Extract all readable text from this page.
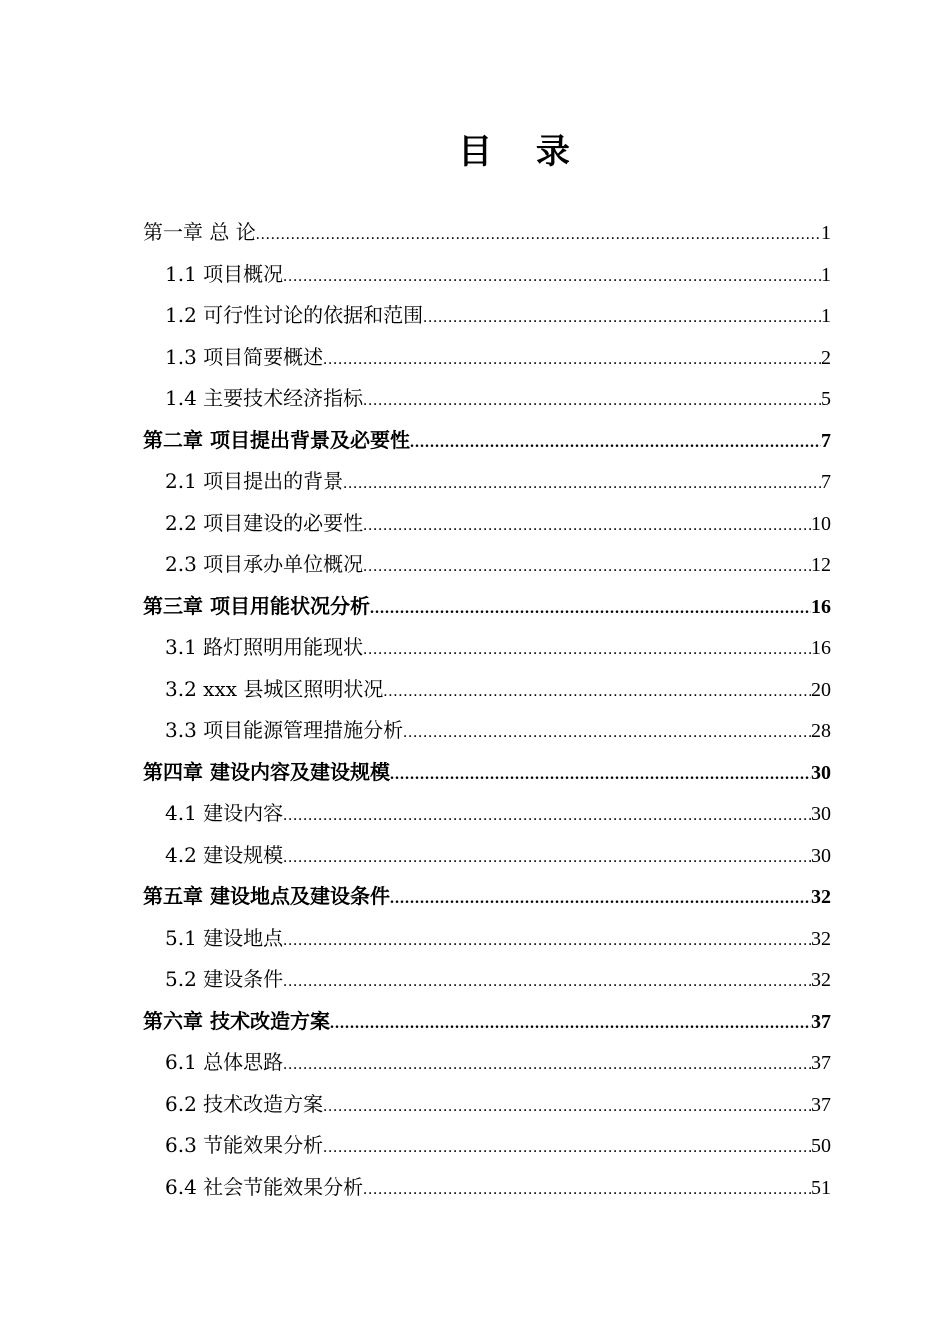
目 录
第一章 总 论 .....	1
1.1 项目概况 .....	1
1.2 可行性讨论的依据和范围 .....	1
1.3 项目简要概述 .....	2
1.4 主要技术经济指标 .....	5
第二章 项目提出背景及必要性 .....	7
2.1 项目提出的背景 .....	7
2.2 项目建设的必要性 .....	10
2.3 项目承办单位概况 .....	12
第三章 项目用能状况分析 .....	16
3.1 路灯照明用能现状 .....	16
3.2 xxx 县城区照明状况 .....	20
3.3 项目能源管理措施分析 .....	28
第四章 建设内容及建设规模 .....	30
4.1 建设内容 .....	30
4.2 建设规模 .....	30
第五章 建设地点及建设条件 .....	32
5.1 建设地点 .....	32
5.2 建设条件 .....	32
第六章 技术改造方案 .....	37
6.1 总体思路 .....	37
6.2 技术改造方案 .....	37
6.3 节能效果分析 .....	50
6.4 社会节能效果分析 .....	51
